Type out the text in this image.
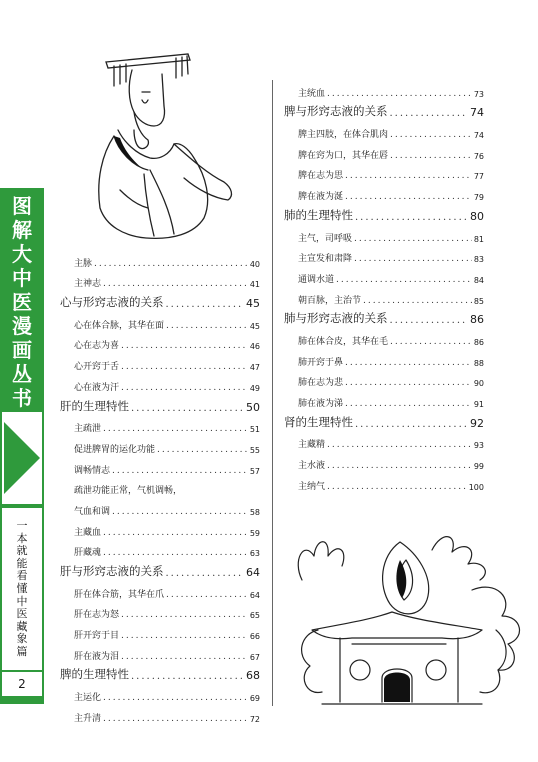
图
解
大
中
医
漫
画
丛
书
一
本
就
能
看
懂
中
医
藏
象
篇
2
主脉 .....	40
主神志 .....	41
心与形窍志液的关系 .....	45
心在体合脉，其华在面 .....	45
心在志为喜 .....	46
心开窍于舌 .....	47
心在液为汗 .....	49
肝的生理特性 .....	50
主疏泄 .....	51
促进脾胃的运化功能 .....	55
调畅情志 .....	57
疏泄功能正常，气机调畅，
气血和调 .....	58
主藏血 .....	59
肝藏魂 .....	63
肝与形窍志液的关系 .....	64
肝在体合筋，其华在爪 .....	64
肝在志为怒 .....	65
肝开窍于目 .....	66
肝在液为泪 .....	67
脾的生理特性 .....	68
主运化 .....	69
主升清 .....	72
主统血 .....	73
脾与形窍志液的关系 .....	74
脾主四肢，在体合肌肉 .....	74
脾在窍为口，其华在唇 .....	76
脾在志为思 .....	77
脾在液为涎 .....	79
肺的生理特性 .....	80
主气，司呼吸 .....	81
主宣发和肃降 .....	83
通调水道 .....	84
朝百脉，主治节 .....	85
肺与形窍志液的关系 .....	86
肺在体合皮，其华在毛 .....	86
肺开窍于鼻 .....	88
肺在志为悲 .....	90
肺在液为涕 .....	91
肾的生理特性 .....	92
主藏精 .....	93
主水液 .....	99
主纳气 .....	100
